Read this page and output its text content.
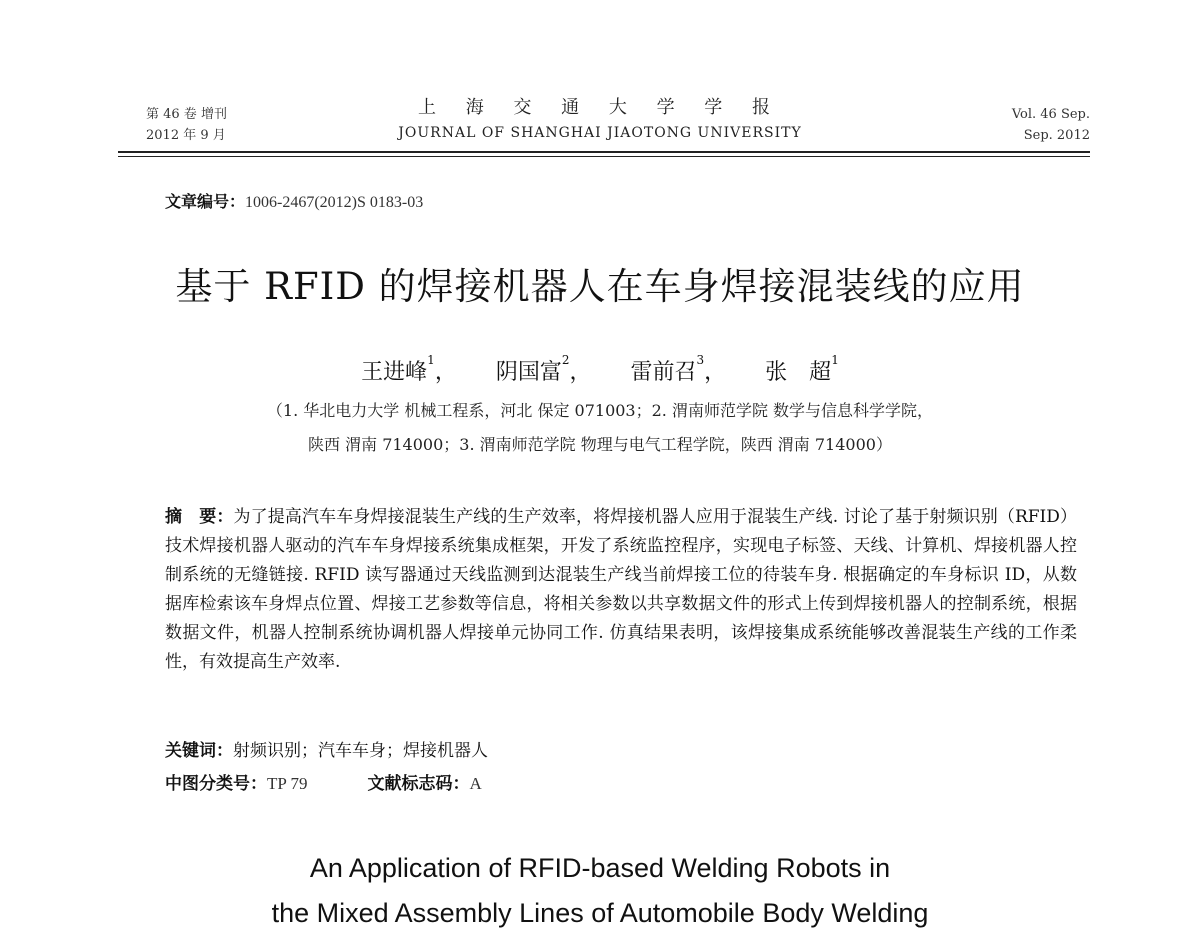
第 46 卷 增刊
2012 年 9 月
上 海 交 通 大 学 学 报
JOURNAL OF SHANGHAI JIAOTONG UNIVERSITY
Vol. 46 Sep.
Sep. 2012
文章编号：1006-2467(2012)S 0183-03
基于 RFID 的焊接机器人在车身焊接混装线的应用
王进峰$^1$， 阴国富$^2$， 雷前召$^3$， 张　超$^1$
（1. 华北电力大学 机械工程系，河北 保定 071003；2. 渭南师范学院 数学与信息科学学院，
陕西 渭南 714000；3. 渭南师范学院 物理与电气工程学院，陕西 渭南 714000）
摘　要：为了提高汽车车身焊接混装生产线的生产效率，将焊接机器人应用于混装生产线. 讨论了基于射频识别（RFID）技术焊接机器人驱动的汽车车身焊接系统集成框架，开发了系统监控程序，实现电子标签、天线、计算机、焊接机器人控制系统的无缝链接. RFID 读写器通过天线监测到达混装生产线当前焊接工位的待装车身. 根据确定的车身标识 ID，从数据库检索该车身焊点位置、焊接工艺参数等信息，将相关参数以共享数据文件的形式上传到焊接机器人的控制系统，根据数据文件，机器人控制系统协调机器人焊接单元协同工作. 仿真结果表明，该焊接集成系统能够改善混装生产线的工作柔性，有效提高生产效率.
关键词：射频识别；汽车车身；焊接机器人
中图分类号：TP 79	文献标志码：A
An Application of RFID-based Welding Robots in
the Mixed Assembly Lines of Automobile Body Welding
